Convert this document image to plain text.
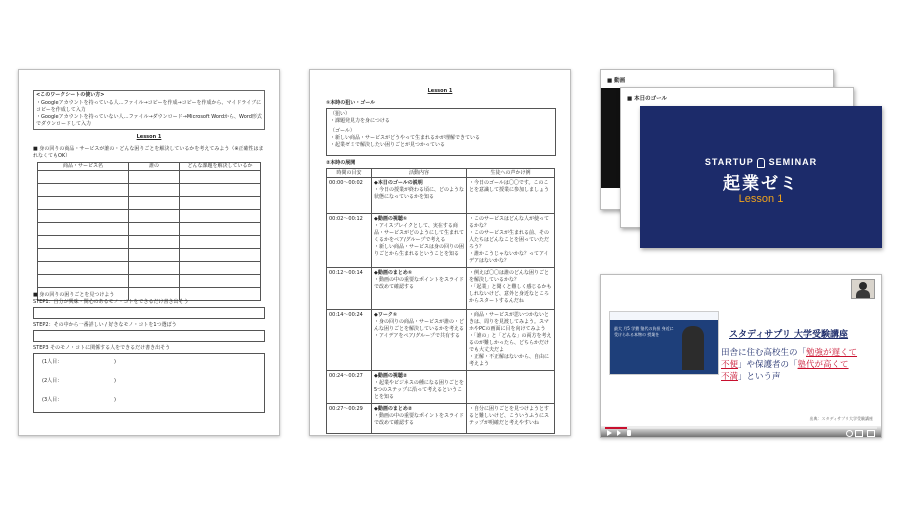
<このワークシートの使い方>
・Googleアカウントを持っている人…ファイル→コピーを作成→コピーを作成から、マイドライブにコピーを作成して入力
・Googleアカウントを持っていない人…ファイル→ダウンロード→Microsoft Wordから、Word形式でダウンロードして入力
Lesson 1
■ 身の回りの商品・サービスが誰の・どんな困りごとを解決しているかを考えてみよう（※正確性はまれなくてもOK）
商品・サービス名	誰の	どんな課題を解決しているか

■ 身の回りの困りごとを見つけよう
STEP1：自分が興味・関心のあるモノ・コトをできるだけ書き出そう
STEP2：その中から一番詳しい / 好きなモノ・コトを1つ選ぼう
STEP3 そのモノ・コトに関係する人をできるだけ書き出そう
(1人目：	)
(2人目：	)
(3人目：	)
Lesson 1
①本時の狙い・ゴール
（狙い）
・課題発見力を身につける
（ゴール）
・新しい商品・サービスがどうやって生まれるかが理解できている
・起業ゼミで解決したい困りごとが見つかっている
②本時の展開
時間の目安	活動内容	生徒への声かけ例
00:00〜00:02	◆本日のゴールの説明
・今日の授業が終わる頃に、どのような状態になっているかを知る	・今日のゴールは〇〇です。このことを意識して授業に参加しましょう
00:02〜00:12	◆動画の視聴①
・アイスブレイクとして、実在する商品・サービスがどのようにして生まれてくるかをペア/グループで考える
・新しい商品・サービスは身の回りの困りごとから生まれるということを知る	・このサービスはどんな人が使ってるかな？
・このサービスが生まれる前、その人たちはどんなことを困っていただろう？
・誰かこうじゃないかな？ってアイデアはないかな？
00:12〜00:14	◆動画のまとめ①
・動画の中の重要なポイントをスライドで改めて確認する	・例えば〇〇は誰のどんな困りごとを解決しているかな？
・「起業」と聞くと難しく感じるかもしれないけど、意外と身近なところからスタートするんだね
00:14〜00:24	◆ワーク①
・身の回りの商品・サービスが誰の・どんな困りごとを解決しているかを考える
・アイデアをペア/グループで共有する	・商品・サービスが思いつかないときは、周りを見渡してみよう。スマホやPCの画面に目を向けてみよう
・「誰の」と「どんな」の両方を考えるのが難しかったら、どちらかだけでも大丈夫だよ
・正解・不正解はないから、自由に考えよう
00:24〜00:27	◆動画の視聴②
・起業やビジネスの種になる困りごとを5つのステップに沿って考えるということを知る	
00:27〜00:29	◆動画のまとめ②
・動画の中の重要なポイントをスライドで改めて確認する	・自分に困りごとを見つけようとすると難しいけど、こういうふうにステップが明確だと考えやすいね
■ 動画
■ 本日のゴール
STARTUP SEMINAR
起業ゼミ
Lesson 1
最大 月5 学費 塾代の負担 身近に受けられる本物の 授業を	スタディサプリ 大学受験講座
田舎に住む高校生の「勉強が遅くて
不便」や保護者の「塾代が高くて
不満」という声
出典：スタディサプリ大学受験講座
